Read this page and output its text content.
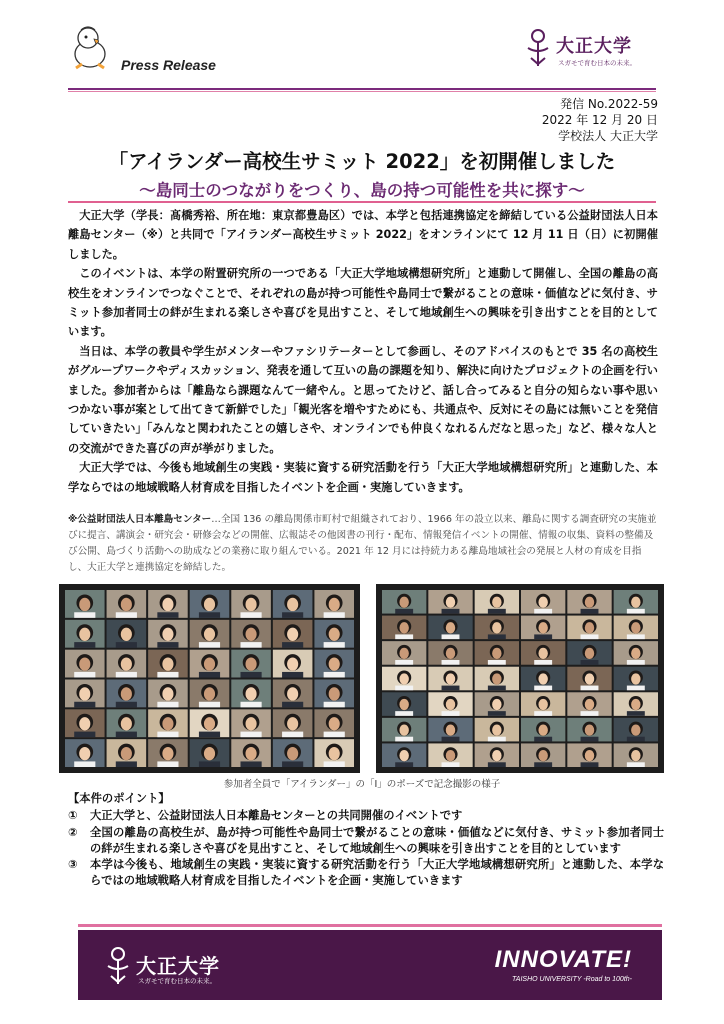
Press Release
大正大学
スガモで育む日本の未来。
発信 No.2022-59
2022 年 12 月 20 日
学校法人 大正大学
「アイランダー高校生サミット 2022」を初開催しました
～島同士のつながりをつくり、島の持つ可能性を共に探す～

大正大学（学長：髙橋秀裕、所在地：東京都豊島区）では、本学と包括連携協定を締結している公益財団法人日本離島センター（※）と共同で「アイランダー高校生サミット 2022」をオンラインにて 12 月 11 日（日）に初開催しました。

このイベントは、本学の附置研究所の一つである「大正大学地域構想研究所」と連動して開催し、全国の離島の高校生をオンラインでつなぐことで、それぞれの島が持つ可能性や島同士で繋がることの意味・価値などに気付き、サミット参加者同士の絆が生まれる楽しさや喜びを見出すこと、そして地域創生への興味を引き出すことを目的としています。

当日は、本学の教員や学生がメンターやファシリテーターとして参画し、そのアドバイスのもとで 35 名の高校生がグループワークやディスカッション、発表を通して互いの島の課題を知り、解決に向けたプロジェクトの企画を行いました。参加者からは「離島なら課題なんて一緒やん。と思ってたけど、話し合ってみると自分の知らない事や思いつかない事が案として出てきて新鮮でした」「観光客を増やすためにも、共通点や、反対にその島には無いことを発信していきたい」「みんなと関われたことの嬉しさや、オンラインでも仲良くなれるんだなと思った」など、様々な人との交流ができた喜びの声が挙がりました。

大正大学では、今後も地域創生の実践・実装に資する研究活動を行う「大正大学地域構想研究所」と連動した、本学ならではの地域戦略人材育成を目指したイベントを企画・実施していきます。

※公益財団法人日本離島センター…全国 136 の離島関係市町村で組織されており、1966 年の設立以来、離島に関する調査研究の実施並びに提言、講演会・研究会・研修会などの開催、広報誌その他図書の刊行・配布、情報発信イベントの開催、情報の収集、資料の整備及び公開、島づくり活動への助成などの業務に取り組んでいる。2021 年 12 月には持続力ある離島地域社会の発展と人材の育成を目指し、大正大学と連携協定を締結した。
参加者全員で「アイランダー」の「I」のポーズで記念撮影の様子
【本件のポイント】
①	大正大学と、公益財団法人日本離島センターとの共同開催のイベントです
②	全国の離島の高校生が、島が持つ可能性や島同士で繋がることの意味・価値などに気付き、サミット参加者同士の絆が生まれる楽しさや喜びを見出すこと、そして地域創生への興味を引き出すことを目的としています
③	本学は今後も、地域創生の実践・実装に資する研究活動を行う「大正大学地域構想研究所」と連動した、本学ならではの地域戦略人材育成を目指したイベントを企画・実施していきます
大正大学
スガモで育む日本の未来。
INNOVATE!
TAISHO UNIVERSITY -Road to 100th-
